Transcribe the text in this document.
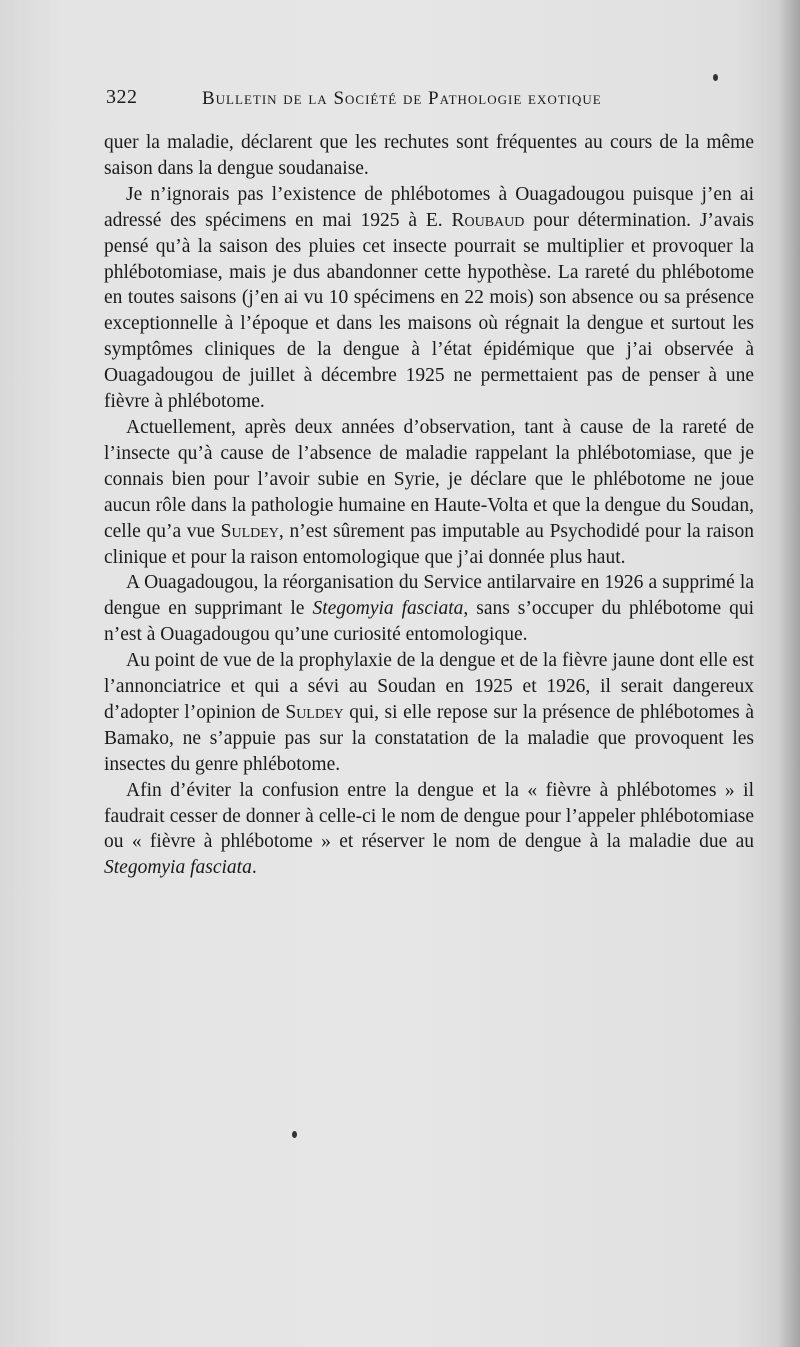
322	Bulletin de la Société de Pathologie exotique

quer la maladie, déclarent que les rechutes sont fréquentes au cours de la même saison dans la dengue soudanaise.

Je n’ignorais pas l’existence de phlébotomes à Ouagadougou puisque j’en ai adressé des spécimens en mai 1925 à E. Roubaud pour détermination. J’avais pensé qu’à la saison des pluies cet insecte pourrait se multiplier et provoquer la phlébotomiase, mais je dus abandonner cette hypothèse. La rareté du phlébotome en toutes saisons (j’en ai vu 10 spécimens en 22 mois) son absence ou sa présence exceptionnelle à l’époque et dans les maisons où régnait la dengue et surtout les symptômes cliniques de la dengue à l’état épidémique que j’ai observée à Ouagadougou de juillet à décembre 1925 ne permettaient pas de penser à une fièvre à phlébotome.

Actuellement, après deux années d’observation, tant à cause de la rareté de l’insecte qu’à cause de l’absence de maladie rappelant la phlébotomiase, que je connais bien pour l’avoir subie en Syrie, je déclare que le phlébotome ne joue aucun rôle dans la pathologie humaine en Haute-Volta et que la dengue du Soudan, celle qu’a vue Suldey, n’est sûrement pas imputable au Psychodidé pour la raison clinique et pour la raison entomologique que j’ai donnée plus haut.

A Ouagadougou, la réorganisation du Service antilarvaire en 1926 a supprimé la dengue en supprimant le Stegomyia fasciata, sans s’occuper du phlébotome qui n’est à Ouagadougou qu’une curiosité entomologique.

Au point de vue de la prophylaxie de la dengue et de la fièvre jaune dont elle est l’annonciatrice et qui a sévi au Soudan en 1925 et 1926, il serait dangereux d’adopter l’opinion de Suldey qui, si elle repose sur la présence de phlébotomes à Bamako, ne s’appuie pas sur la constatation de la maladie que provoquent les insectes du genre phlébotome.

Afin d’éviter la confusion entre la dengue et la « fièvre à phlébotomes » il faudrait cesser de donner à celle-ci le nom de dengue pour l’appeler phlébotomiase ou « fièvre à phlébotome » et réserver le nom de dengue à la maladie due au Stegomyia fasciata.
